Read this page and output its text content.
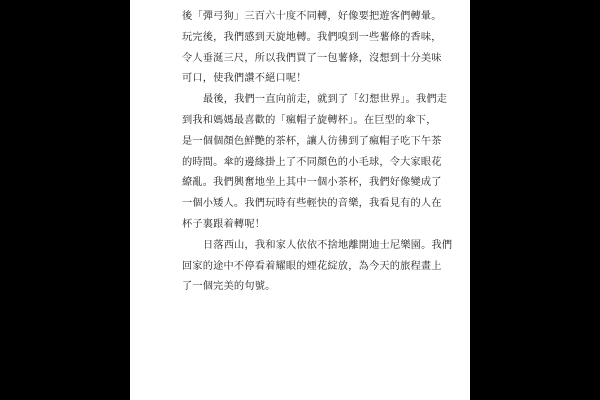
後「彈弓狗」三百六十度不同轉，好像要把遊客們轉暈。
玩完後，我們感到天旋地轉。我們嗅到一些薯條的香味，
令人垂涎三尺，所以我們買了一包薯條，沒想到十分美味
可口，使我們讚不絕口呢！
最後，我們一直向前走，就到了「幻想世界」。我們走
到我和媽媽最喜歡的「瘋帽子旋轉杯」。在巨型的傘下，
是一個個顏色鮮艷的茶杯，讓人彷彿到了瘋帽子吃下午茶
的時間。傘的邊緣掛上了不同顏色的小毛球，令大家眼花
繚亂。我們興奮地坐上其中一個小茶杯，我們好像變成了
一個小矮人。我們玩時有些輕快的音樂，我看見有的人在
杯子裏跟着轉呢！
日落西山，我和家人依依不捨地離開迪士尼樂園。我們
回家的途中不停看着耀眼的煙花綻放，為今天的旅程畫上
了一個完美的句號。
